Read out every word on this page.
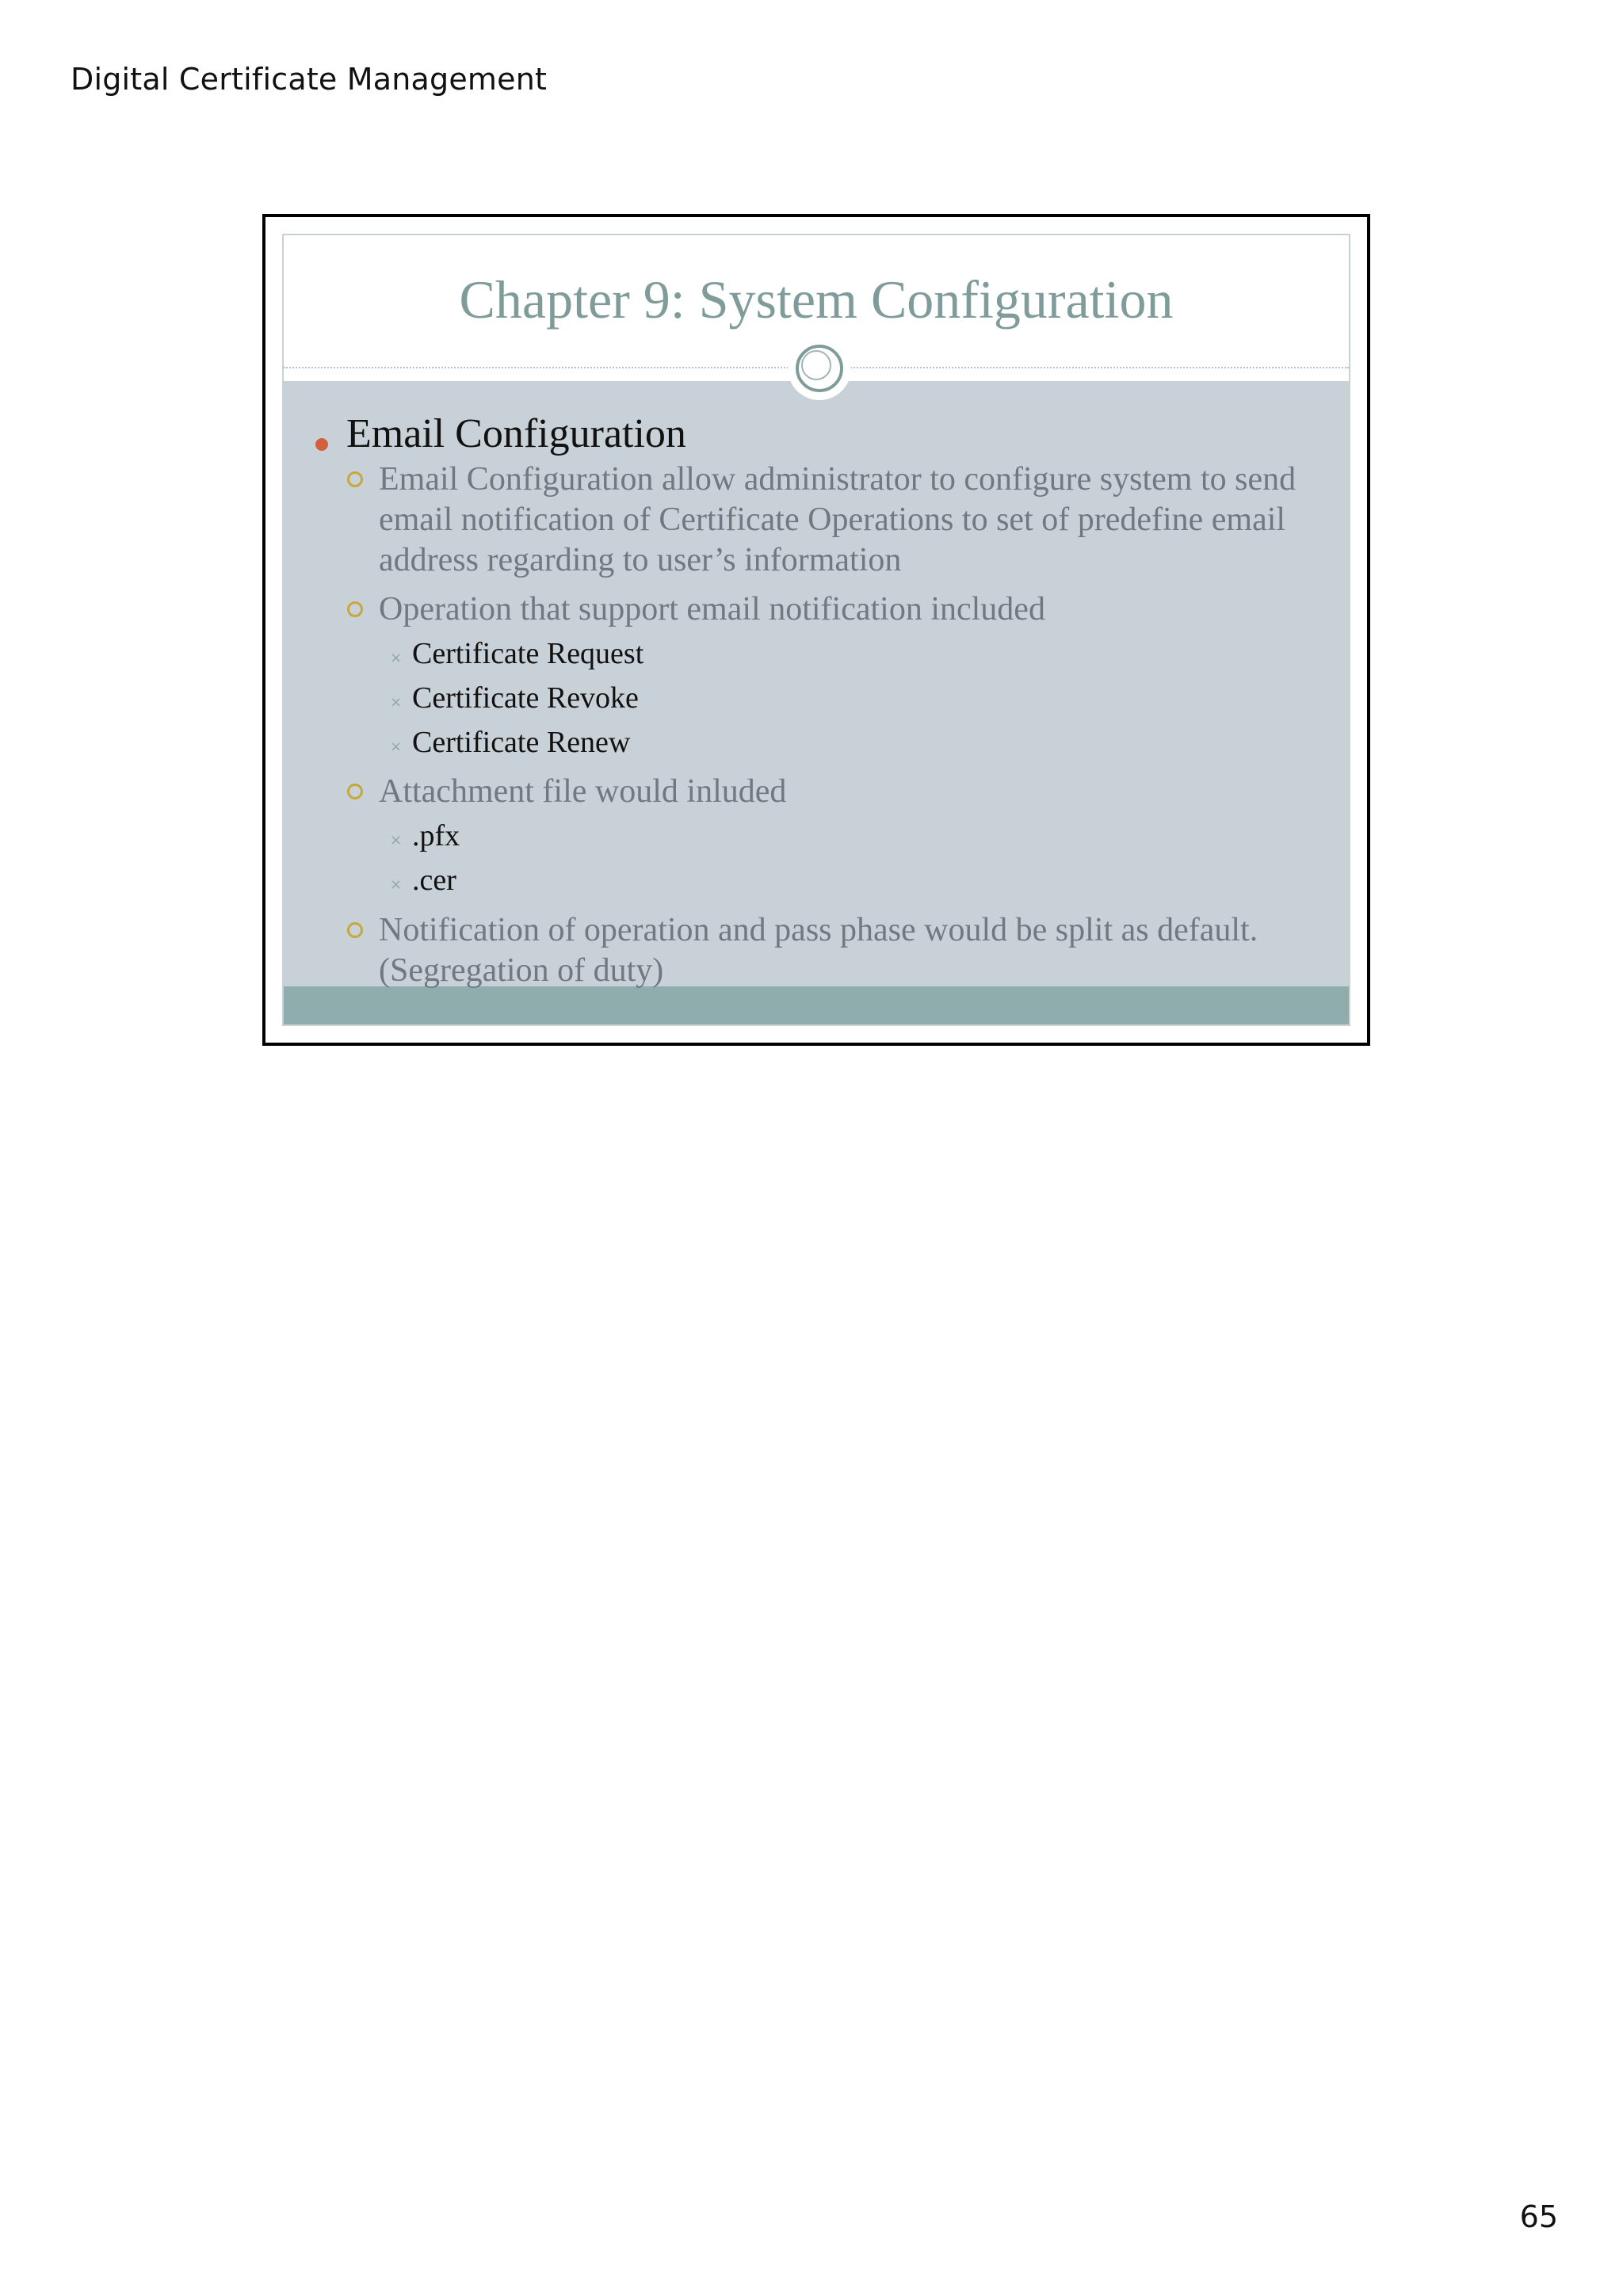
Digital Certificate Management
Chapter 9: System Configuration
Email Configuration
Email Configuration allow administrator to configure system to send email notification of Certificate Operations to set of predefine email address regarding to user’s information
Operation that support email notification included
× Certificate Request
× Certificate Revoke
× Certificate Renew
Attachment file would inluded
× .pfx
× .cer
Notification of operation and pass phase would be split as default. (Segregation of duty)
65
